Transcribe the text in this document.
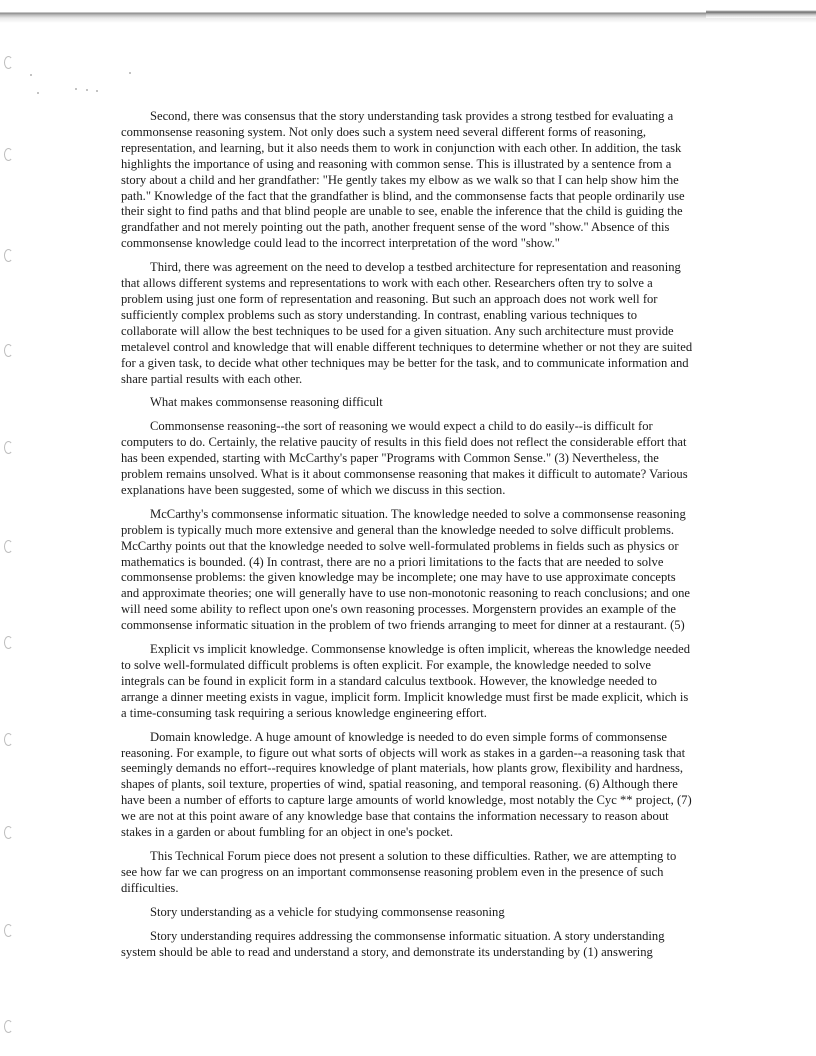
Second, there was consensus that the story understanding task provides a strong testbed for evaluating a commonsense reasoning system. Not only does such a system need several different forms of reasoning, representation, and learning, but it also needs them to work in conjunction with each other. In addition, the task highlights the importance of using and reasoning with common sense. This is illustrated by a sentence from a story about a child and her grandfather: "He gently takes my elbow as we walk so that I can help show him the path." Knowledge of the fact that the grandfather is blind, and the commonsense facts that people ordinarily use their sight to find paths and that blind people are unable to see, enable the inference that the child is guiding the grandfather and not merely pointing out the path, another frequent sense of the word "show." Absence of this commonsense knowledge could lead to the incorrect interpretation of the word "show."

Third, there was agreement on the need to develop a testbed architecture for representation and reasoning that allows different systems and representations to work with each other. Researchers often try to solve a problem using just one form of representation and reasoning. But such an approach does not work well for sufficiently complex problems such as story understanding. In contrast, enabling various techniques to collaborate will allow the best techniques to be used for a given situation. Any such architecture must provide metalevel control and knowledge that will enable different techniques to determine whether or not they are suited for a given task, to decide what other techniques may be better for the task, and to communicate information and share partial results with each other.

What makes commonsense reasoning difficult

Commonsense reasoning--the sort of reasoning we would expect a child to do easily--is difficult for computers to do. Certainly, the relative paucity of results in this field does not reflect the considerable effort that has been expended, starting with McCarthy's paper "Programs with Common Sense." (3) Nevertheless, the problem remains unsolved. What is it about commonsense reasoning that makes it difficult to automate? Various explanations have been suggested, some of which we discuss in this section.

McCarthy's commonsense informatic situation. The knowledge needed to solve a commonsense reasoning problem is typically much more extensive and general than the knowledge needed to solve difficult problems. McCarthy points out that the knowledge needed to solve well-formulated problems in fields such as physics or mathematics is bounded. (4) In contrast, there are no a priori limitations to the facts that are needed to solve commonsense problems: the given knowledge may be incomplete; one may have to use approximate concepts and approximate theories; one will generally have to use non-monotonic reasoning to reach conclusions; and one will need some ability to reflect upon one's own reasoning processes. Morgenstern provides an example of the commonsense informatic situation in the problem of two friends arranging to meet for dinner at a restaurant. (5)

Explicit vs implicit knowledge. Commonsense knowledge is often implicit, whereas the knowledge needed to solve well-formulated difficult problems is often explicit. For example, the knowledge needed to solve integrals can be found in explicit form in a standard calculus textbook. However, the knowledge needed to arrange a dinner meeting exists in vague, implicit form. Implicit knowledge must first be made explicit, which is a time-consuming task requiring a serious knowledge engineering effort.

Domain knowledge. A huge amount of knowledge is needed to do even simple forms of commonsense reasoning. For example, to figure out what sorts of objects will work as stakes in a garden--a reasoning task that seemingly demands no effort--requires knowledge of plant materials, how plants grow, flexibility and hardness, shapes of plants, soil texture, properties of wind, spatial reasoning, and temporal reasoning. (6) Although there have been a number of efforts to capture large amounts of world knowledge, most notably the Cyc ** project, (7) we are not at this point aware of any knowledge base that contains the information necessary to reason about stakes in a garden or about fumbling for an object in one's pocket.

This Technical Forum piece does not present a solution to these difficulties. Rather, we are attempting to see how far we can progress on an important commonsense reasoning problem even in the presence of such difficulties.

Story understanding as a vehicle for studying commonsense reasoning

Story understanding requires addressing the commonsense informatic situation. A story understanding system should be able to read and understand a story, and demonstrate its understanding by (1) answering
